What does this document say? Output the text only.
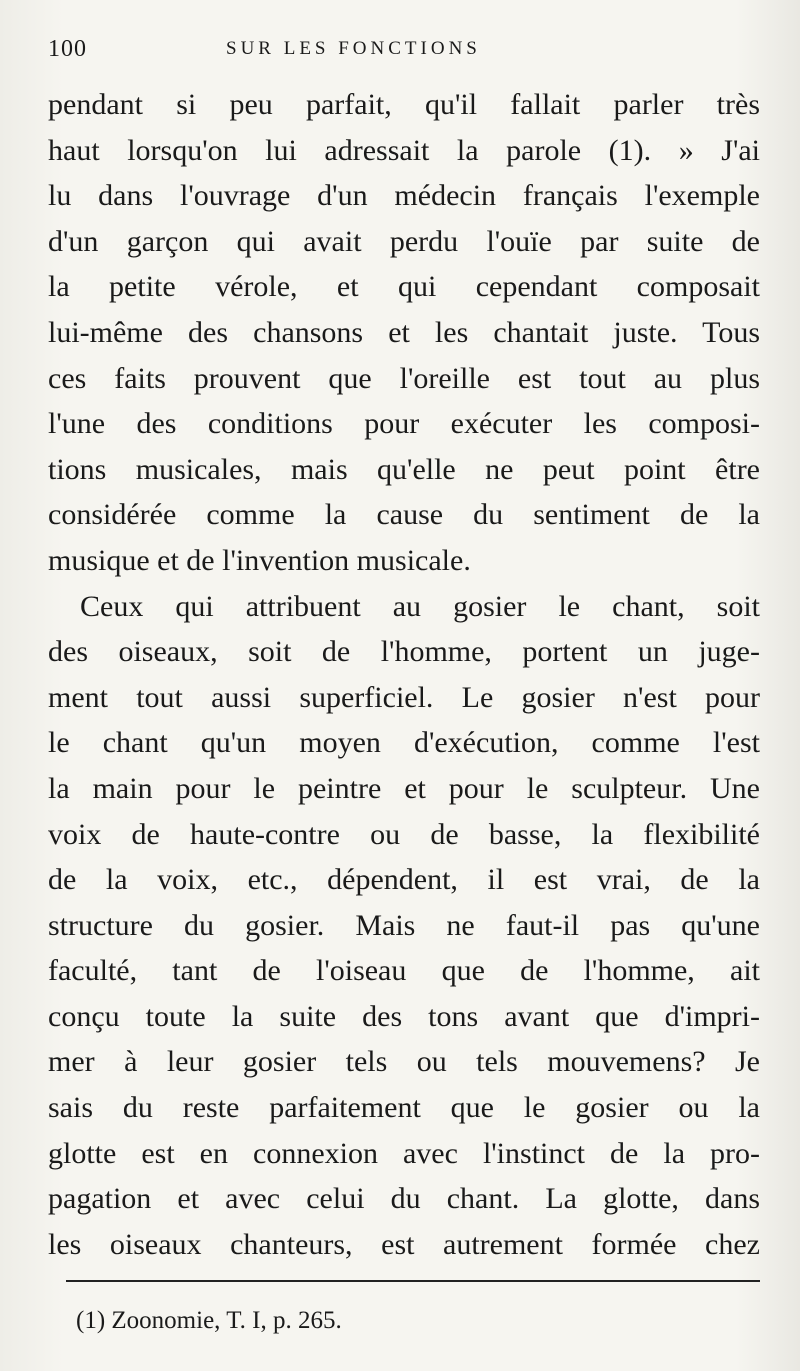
100	SUR LES FONCTIONS
pendant si peu parfait, qu'il fallait parler très
haut lorsqu'on lui adressait la parole (1). » J'ai
lu dans l'ouvrage d'un médecin français l'exemple
d'un garçon qui avait perdu l'ouïe par suite de
la petite vérole, et qui cependant composait
lui-même des chansons et les chantait juste. Tous
ces faits prouvent que l'oreille est tout au plus
l'une des conditions pour exécuter les composi-
tions musicales, mais qu'elle ne peut point être
considérée comme la cause du sentiment de la
musique et de l'invention musicale.
Ceux qui attribuent au gosier le chant, soit
des oiseaux, soit de l'homme, portent un juge-
ment tout aussi superficiel. Le gosier n'est pour
le chant qu'un moyen d'exécution, comme l'est
la main pour le peintre et pour le sculpteur. Une
voix de haute-contre ou de basse, la flexibilité
de la voix, etc., dépendent, il est vrai, de la
structure du gosier. Mais ne faut-il pas qu'une
faculté, tant de l'oiseau que de l'homme, ait
conçu toute la suite des tons avant que d'impri-
mer à leur gosier tels ou tels mouvemens? Je
sais du reste parfaitement que le gosier ou la
glotte est en connexion avec l'instinct de la pro-
pagation et avec celui du chant. La glotte, dans
les oiseaux chanteurs, est autrement formée chez
(1) Zoonomie, T. I, p. 265.
